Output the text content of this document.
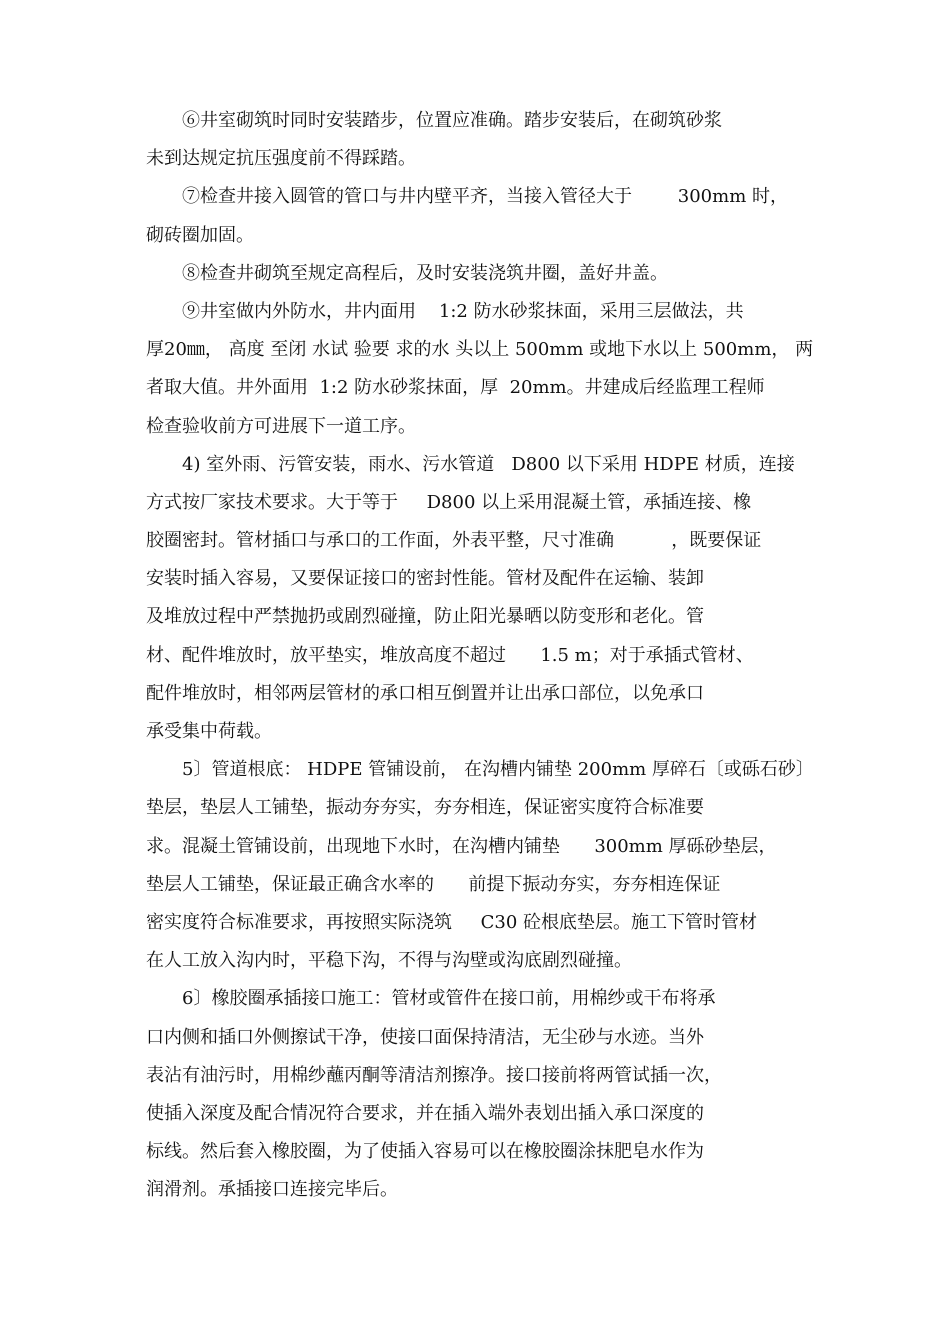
⑥井室砌筑时同时安装踏步，位置应准确。踏步安装后，在砌筑砂浆
未到达规定抗压强度前不得踩踏。
⑦检查井接入圆管的管口与井内壁平齐，当接入管径大于        300mm 时，
砌砖圈加固。
⑧检查井砌筑至规定高程后，及时安装浇筑井圈，盖好井盖。
⑨井室做内外防水，井内面用    1:2 防水砂浆抹面，采用三层做法，共
厚20㎜， 高度 至闭 水试 验要 求的水 头以上 500mm 或地下水以上 500mm， 两
者取大值。井外面用  1:2 防水砂浆抹面，厚  20mm。井建成后经监理工程师
检查验收前方可进展下一道工序。
4) 室外雨、污管安装，雨水、污水管道   D800 以下采用 HDPE 材质，连接
方式按厂家技术要求。大于等于     D800 以上采用混凝土管，承插连接、橡
胶圈密封。管材插口与承口的工作面，外表平整，尺寸准确          ，既要保证
安装时插入容易，又要保证接口的密封性能。管材及配件在运输、装卸
及堆放过程中严禁抛扔或剧烈碰撞，防止阳光暴晒以防变形和老化。管
材、配件堆放时，放平垫实，堆放高度不超过      1.5 m；对于承插式管材、
配件堆放时，相邻两层管材的承口相互倒置并让出承口部位，以免承口
承受集中荷载。
5〕管道根底： HDPE 管铺设前， 在沟槽内铺垫 200mm 厚碎石〔或砾石砂〕
垫层，垫层人工铺垫，振动夯夯实，夯夯相连，保证密实度符合标准要
求。混凝土管铺设前，出现地下水时，在沟槽内铺垫      300mm 厚砾砂垫层，
垫层人工铺垫，保证最正确含水率的      前提下振动夯实，夯夯相连保证
密实度符合标准要求，再按照实际浇筑     C30 砼根底垫层。施工下管时管材
在人工放入沟内时，平稳下沟，不得与沟壁或沟底剧烈碰撞。
6〕橡胶圈承插接口施工：管材或管件在接口前，用棉纱或干布将承
口内侧和插口外侧擦试干净，使接口面保持清洁，无尘砂与水迹。当外
表沾有油污时，用棉纱蘸丙酮等清洁剂擦净。接口接前将两管试插一次，
使插入深度及配合情况符合要求，并在插入端外表划出插入承口深度的
标线。然后套入橡胶圈，为了使插入容易可以在橡胶圈涂抹肥皂水作为
润滑剂。承插接口连接完毕后。
